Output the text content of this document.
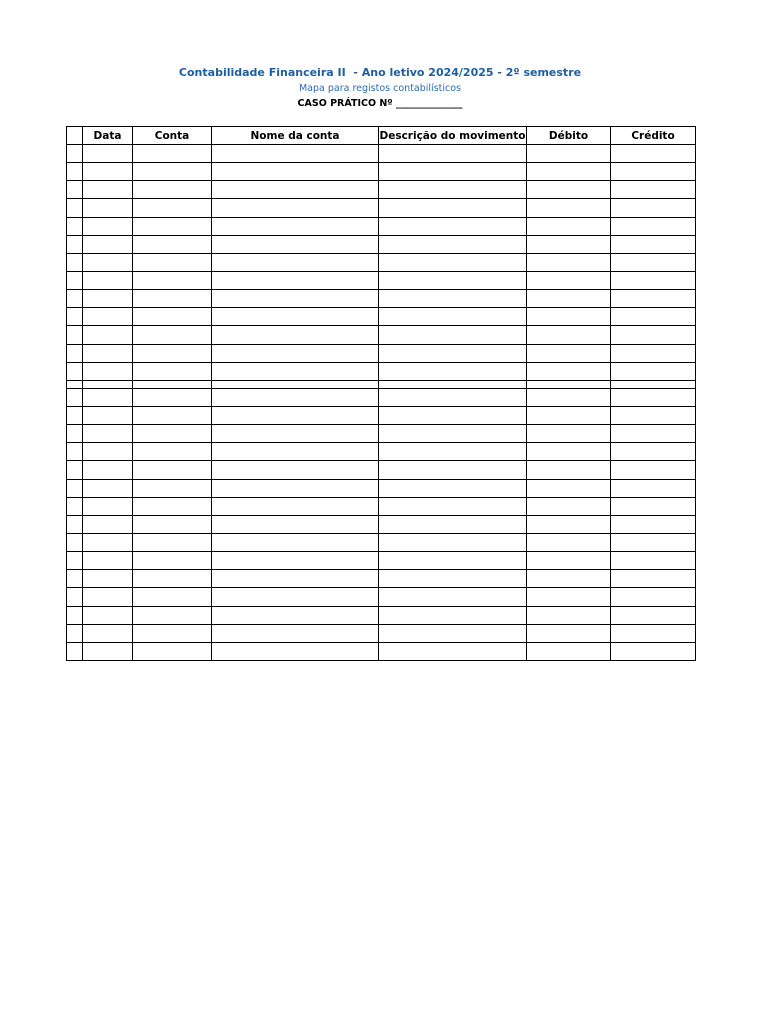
Contabilidade Financeira II  - Ano letivo 2024/2025 - 2º semestre
Mapa para registos contabilísticos
CASO PRÁTICO Nº ______________
	Data	Conta	Nome da conta	Descrição do movimento	Débito	Crédito
